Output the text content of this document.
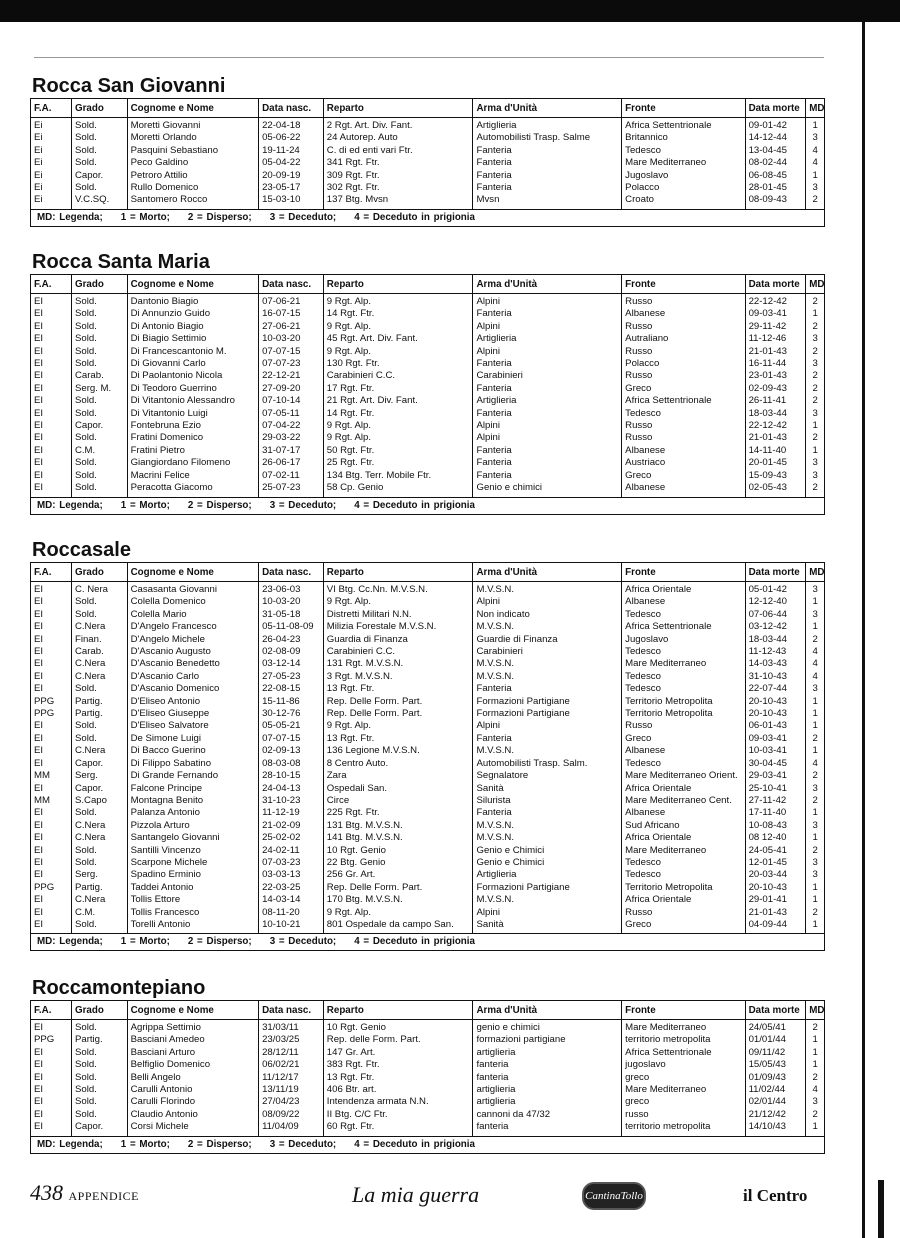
Rocca San Giovanni
F.A.	Grado	Cognome e Nome	Data nasc.	Reparto	Arma d'Unità	Fronte	Data morte	MD
Ei	Sold.	Moretti Giovanni	22-04-18	2 Rgt. Art. Div. Fant.	Artiglieria	Africa Settentrionale	09-01-42	1
Ei	Sold.	Moretti Orlando	05-06-22	24 Autorep. Auto	Automobilisti Trasp. Salme	Britannico	14-12-44	3
Ei	Sold.	Pasquini Sebastiano	19-11-24	C. di ed enti vari Ftr.	Fanteria	Tedesco	13-04-45	4
Ei	Sold.	Peco Galdino	05-04-22	341 Rgt. Ftr.	Fanteria	Mare Mediterraneo	08-02-44	4
Ei	Capor.	Petroro Attilio	20-09-19	309 Rgt. Ftr.	Fanteria	Jugoslavo	06-08-45	1
Ei	Sold.	Rullo Domenico	23-05-17	302 Rgt. Ftr.	Fanteria	Polacco	28-01-45	3
Ei	V.C.SQ.	Santomero Rocco	15-03-10	137 Btg. Mvsn	Mvsn	Croato	08-09-43	2
MD: Legenda; 1 = Morto; 2 = Disperso; 3 = Deceduto; 4 = Deceduto in prigionia
Rocca Santa Maria
F.A.	Grado	Cognome e Nome	Data nasc.	Reparto	Arma d'Unità	Fronte	Data morte	MD
EI	Sold.	Dantonio Biagio	07-06-21	9 Rgt. Alp.	Alpini	Russo	22-12-42	2
EI	Sold.	Di Annunzio Guido	16-07-15	14 Rgt. Ftr.	Fanteria	Albanese	09-03-41	1
EI	Sold.	Di Antonio Biagio	27-06-21	9 Rgt. Alp.	Alpini	Russo	29-11-42	2
EI	Sold.	Di Biagio Settimio	10-03-20	45 Rgt. Art. Div. Fant.	Artiglieria	Autraliano	11-12-46	3
EI	Sold.	Di Francescantonio M.	07-07-15	9 Rgt. Alp.	Alpini	Russo	21-01-43	2
EI	Sold.	Di Giovanni Carlo	07-07-23	130 Rgt. Ftr.	Fanteria	Polacco	16-11-44	3
EI	Carab.	Di Paolantonio Nicola	22-12-21	Carabinieri C.C.	Carabinieri	Russo	23-01-43	2
EI	Serg. M.	Di Teodoro Guerrino	27-09-20	17 Rgt. Ftr.	Fanteria	Greco	02-09-43	2
EI	Sold.	Di Vitantonio Alessandro	07-10-14	21 Rgt. Art. Div. Fant.	Artiglieria	Africa Settentrionale	26-11-41	2
EI	Sold.	Di Vitantonio Luigi	07-05-11	14 Rgt. Ftr.	Fanteria	Tedesco	18-03-44	3
EI	Capor.	Fontebruna Ezio	07-04-22	9 Rgt. Alp.	Alpini	Russo	22-12-42	1
EI	Sold.	Fratini Domenico	29-03-22	9 Rgt. Alp.	Alpini	Russo	21-01-43	2
EI	C.M.	Fratini Pietro	31-07-17	50 Rgt. Ftr.	Fanteria	Albanese	14-11-40	1
EI	Sold.	Giangiordano Filomeno	26-06-17	25 Rgt. Ftr.	Fanteria	Austriaco	20-01-45	3
EI	Sold.	Macrini Felice	07-02-11	134 Btg. Terr. Mobile Ftr.	Fanteria	Greco	15-09-43	3
EI	Sold.	Peracotta Giacomo	25-07-23	58 Cp. Genio	Genio e chimici	Albanese	02-05-43	2
MD: Legenda; 1 = Morto; 2 = Disperso; 3 = Deceduto; 4 = Deceduto in prigionia
Roccasale
F.A.	Grado	Cognome e Nome	Data nasc.	Reparto	Arma d'Unità	Fronte	Data morte	MD
EI	C. Nera	Casasanta Giovanni	23-06-03	VI Btg. Cc.Nn. M.V.S.N.	M.V.S.N.	Africa Orientale	05-01-42	3
EI	Sold.	Colella Domenico	10-03-20	9 Rgt. Alp.	Alpini	Albanese	12-12-40	1
EI	Sold.	Colella Mario	31-05-18	Distretti Militari N.N.	Non indicato	Tedesco	07-06-44	3
EI	C.Nera	D'Angelo Francesco	05-11-08-09	Milizia Forestale M.V.S.N.	M.V.S.N.	Africa Settentrionale	03-12-42	1
EI	Finan.	D'Angelo Michele	26-04-23	Guardia di Finanza	Guardie di Finanza	Jugoslavo	18-03-44	2
EI	Carab.	D'Ascanio Augusto	02-08-09	Carabinieri C.C.	Carabinieri	Tedesco	11-12-43	4
EI	C.Nera	D'Ascanio Benedetto	03-12-14	131 Rgt. M.V.S.N.	M.V.S.N.	Mare Mediterraneo	14-03-43	4
EI	C.Nera	D'Ascanio Carlo	27-05-23	3 Rgt. M.V.S.N.	M.V.S.N.	Tedesco	31-10-43	4
EI	Sold.	D'Ascanio Domenico	22-08-15	13 Rgt. Ftr.	Fanteria	Tedesco	22-07-44	3
PPG	Partig.	D'Eliseo Antonio	15-11-86	Rep. Delle Form. Part.	Formazioni Partigiane	Territorio Metropolita	20-10-43	1
PPG	Partig.	D'Eliseo Giuseppe	30-12-76	Rep. Delle Form. Part.	Formazioni Partigiane	Territorio Metropolita	20-10-43	1
EI	Sold.	D'Eliseo Salvatore	05-05-21	9 Rgt. Alp.	Alpini	Russo	06-01-43	1
EI	Sold.	De Simone Luigi	07-07-15	13 Rgt. Ftr.	Fanteria	Greco	09-03-41	2
EI	C.Nera	Di Bacco Guerino	02-09-13	136 Legione M.V.S.N.	M.V.S.N.	Albanese	10-03-41	1
EI	Capor.	Di Filippo Sabatino	08-03-08	8 Centro Auto.	Automobilisti Trasp. Salm.	Tedesco	30-04-45	4
MM	Serg.	Di Grande Fernando	28-10-15	Zara	Segnalatore	Mare Mediterraneo Orient.	29-03-41	2
EI	Capor.	Falcone Principe	24-04-13	Ospedali San.	Sanità	Africa Orientale	25-10-41	3
MM	S.Capo	Montagna Benito	31-10-23	Circe	Silurista	Mare Mediterraneo Cent.	27-11-42	2
EI	Sold.	Palanza Antonio	11-12-19	225 Rgt. Ftr.	Fanteria	Albanese	17-11-40	1
EI	C.Nera	Pizzola Arturo	21-02-09	131 Btg. M.V.S.N.	M.V.S.N.	Sud Africano	10-08-43	3
EI	C.Nera	Santangelo Giovanni	25-02-02	141 Btg. M.V.S.N.	M.V.S.N.	Africa Orientale	08 12-40	1
EI	Sold.	Santilli Vincenzo	24-02-11	10 Rgt. Genio	Genio e Chimici	Mare Mediterraneo	24-05-41	2
EI	Sold.	Scarpone Michele	07-03-23	22 Btg. Genio	Genio e Chimici	Tedesco	12-01-45	3
EI	Serg.	Spadino Erminio	03-03-13	256 Gr. Art.	Artiglieria	Tedesco	20-03-44	3
PPG	Partig.	Taddei Antonio	22-03-25	Rep. Delle Form. Part.	Formazioni Partigiane	Territorio Metropolita	20-10-43	1
EI	C.Nera	Tollis Ettore	14-03-14	170 Btg. M.V.S.N.	M.V.S.N.	Africa Orientale	29-01-41	1
EI	C.M.	Tollis Francesco	08-11-20	9 Rgt. Alp.	Alpini	Russo	21-01-43	2
EI	Sold.	Torelli Antonio	10-10-21	801 Ospedale da campo San.	Sanità	Greco	04-09-44	1
MD: Legenda; 1 = Morto; 2 = Disperso; 3 = Deceduto; 4 = Deceduto in prigionia
Roccamontepiano
F.A.	Grado	Cognome e Nome	Data nasc.	Reparto	Arma d'Unità	Fronte	Data morte	MD
EI	Sold.	Agrippa Settimio	31/03/11	10 Rgt. Genio	genio e chimici	Mare Mediterraneo	24/05/41	2
PPG	Partig.	Basciani Amedeo	23/03/25	Rep. delle Form. Part.	formazioni partigiane	territorio metropolita	01/01/44	1
EI	Sold.	Basciani Arturo	28/12/11	147 Gr. Art.	artiglieria	Africa Settentrionale	09/11/42	1
EI	Sold.	Belfiglio Domenico	06/02/21	383 Rgt. Ftr.	fanteria	jugoslavo	15/05/43	1
EI	Sold.	Belli Angelo	11/12/17	13 Rgt. Ftr.	fanteria	greco	01/09/43	2
EI	Sold.	Carulli Antonio	13/11/19	406 Btr. art.	artiglieria	Mare Mediterraneo	11/02/44	4
EI	Sold.	Carulli Florindo	27/04/23	Intendenza armata N.N.	artiglieria	greco	02/01/44	3
EI	Sold.	Claudio Antonio	08/09/22	II Btg. C/C Ftr.	cannoni da 47/32	russo	21/12/42	2
EI	Capor.	Corsi Michele	11/04/09	60 Rgt. Ftr.	fanteria	territorio metropolita	14/10/43	1
MD: Legenda; 1 = Morto; 2 = Disperso; 3 = Deceduto; 4 = Deceduto in prigionia
438 APPENDICE	La mia guerra	CantinaTollo	il Centro
